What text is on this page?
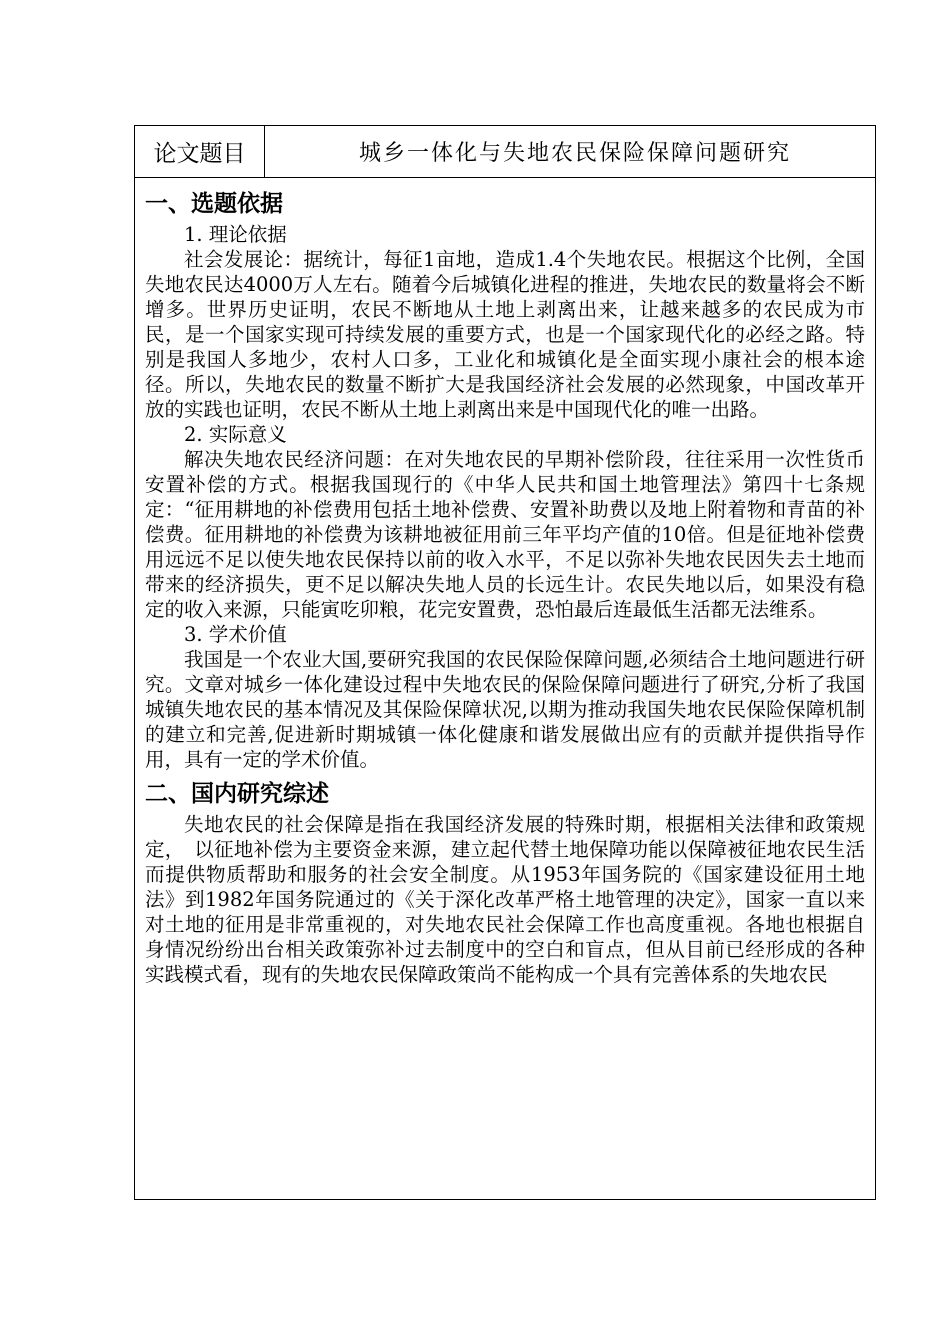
论文题目	城乡一体化与失地农民保险保障问题研究

一、选题依据

1. 理论依据

社会发展论：据统计，每征1亩地，造成1.4个失地农民。根据这个比例，全国失地农民达4000万人左右。随着今后城镇化进程的推进，失地农民的数量将会不断增多。世界历史证明，农民不断地从土地上剥离出来，让越来越多的农民成为市民，是一个国家实现可持续发展的重要方式，也是一个国家现代化的必经之路。特别是我国人多地少，农村人口多，工业化和城镇化是全面实现小康社会的根本途径。所以，失地农民的数量不断扩大是我国经济社会发展的必然现象，中国改革开放的实践也证明，农民不断从土地上剥离出来是中国现代化的唯一出路。

2. 实际意义

解决失地农民经济问题：在对失地农民的早期补偿阶段，往往采用一次性货币安置补偿的方式。根据我国现行的《中华人民共和国土地管理法》第四十七条规定：“征用耕地的补偿费用包括土地补偿费、安置补助费以及地上附着物和青苗的补偿费。征用耕地的补偿费为该耕地被征用前三年平均产值的10倍。但是征地补偿费用远远不足以使失地农民保持以前的收入水平，不足以弥补失地农民因失去土地而带来的经济损失，更不足以解决失地人员的长远生计。农民失地以后，如果没有稳定的收入来源，只能寅吃卯粮，花完安置费，恐怕最后连最低生活都无法维系。

3. 学术价值

我国是一个农业大国,要研究我国的农民保险保障问题,必须结合土地问题进行研究。文章对城乡一体化建设过程中失地农民的保险保障问题进行了研究,分析了我国城镇失地农民的基本情况及其保险保障状况,以期为推动我国失地农民保险保障机制的建立和完善,促进新时期城镇一体化健康和谐发展做出应有的贡献并提供指导作用，具有一定的学术价值。

二、国内研究综述

失地农民的社会保障是指在我国经济发展的特殊时期，根据相关法律和政策规定，　以征地补偿为主要资金来源，建立起代替土地保障功能以保障被征地农民生活而提供物质帮助和服务的社会安全制度。从1953年国务院的《国家建设征用土地法》到1982年国务院通过的《关于深化改革严格土地管理的决定》，国家一直以来对土地的征用是非常重视的，对失地农民社会保障工作也高度重视。各地也根据自身情况纷纷出台相关政策弥补过去制度中的空白和盲点，但从目前已经形成的各种实践模式看，现有的失地农民保障政策尚不能构成一个具有完善体系的失地农民
